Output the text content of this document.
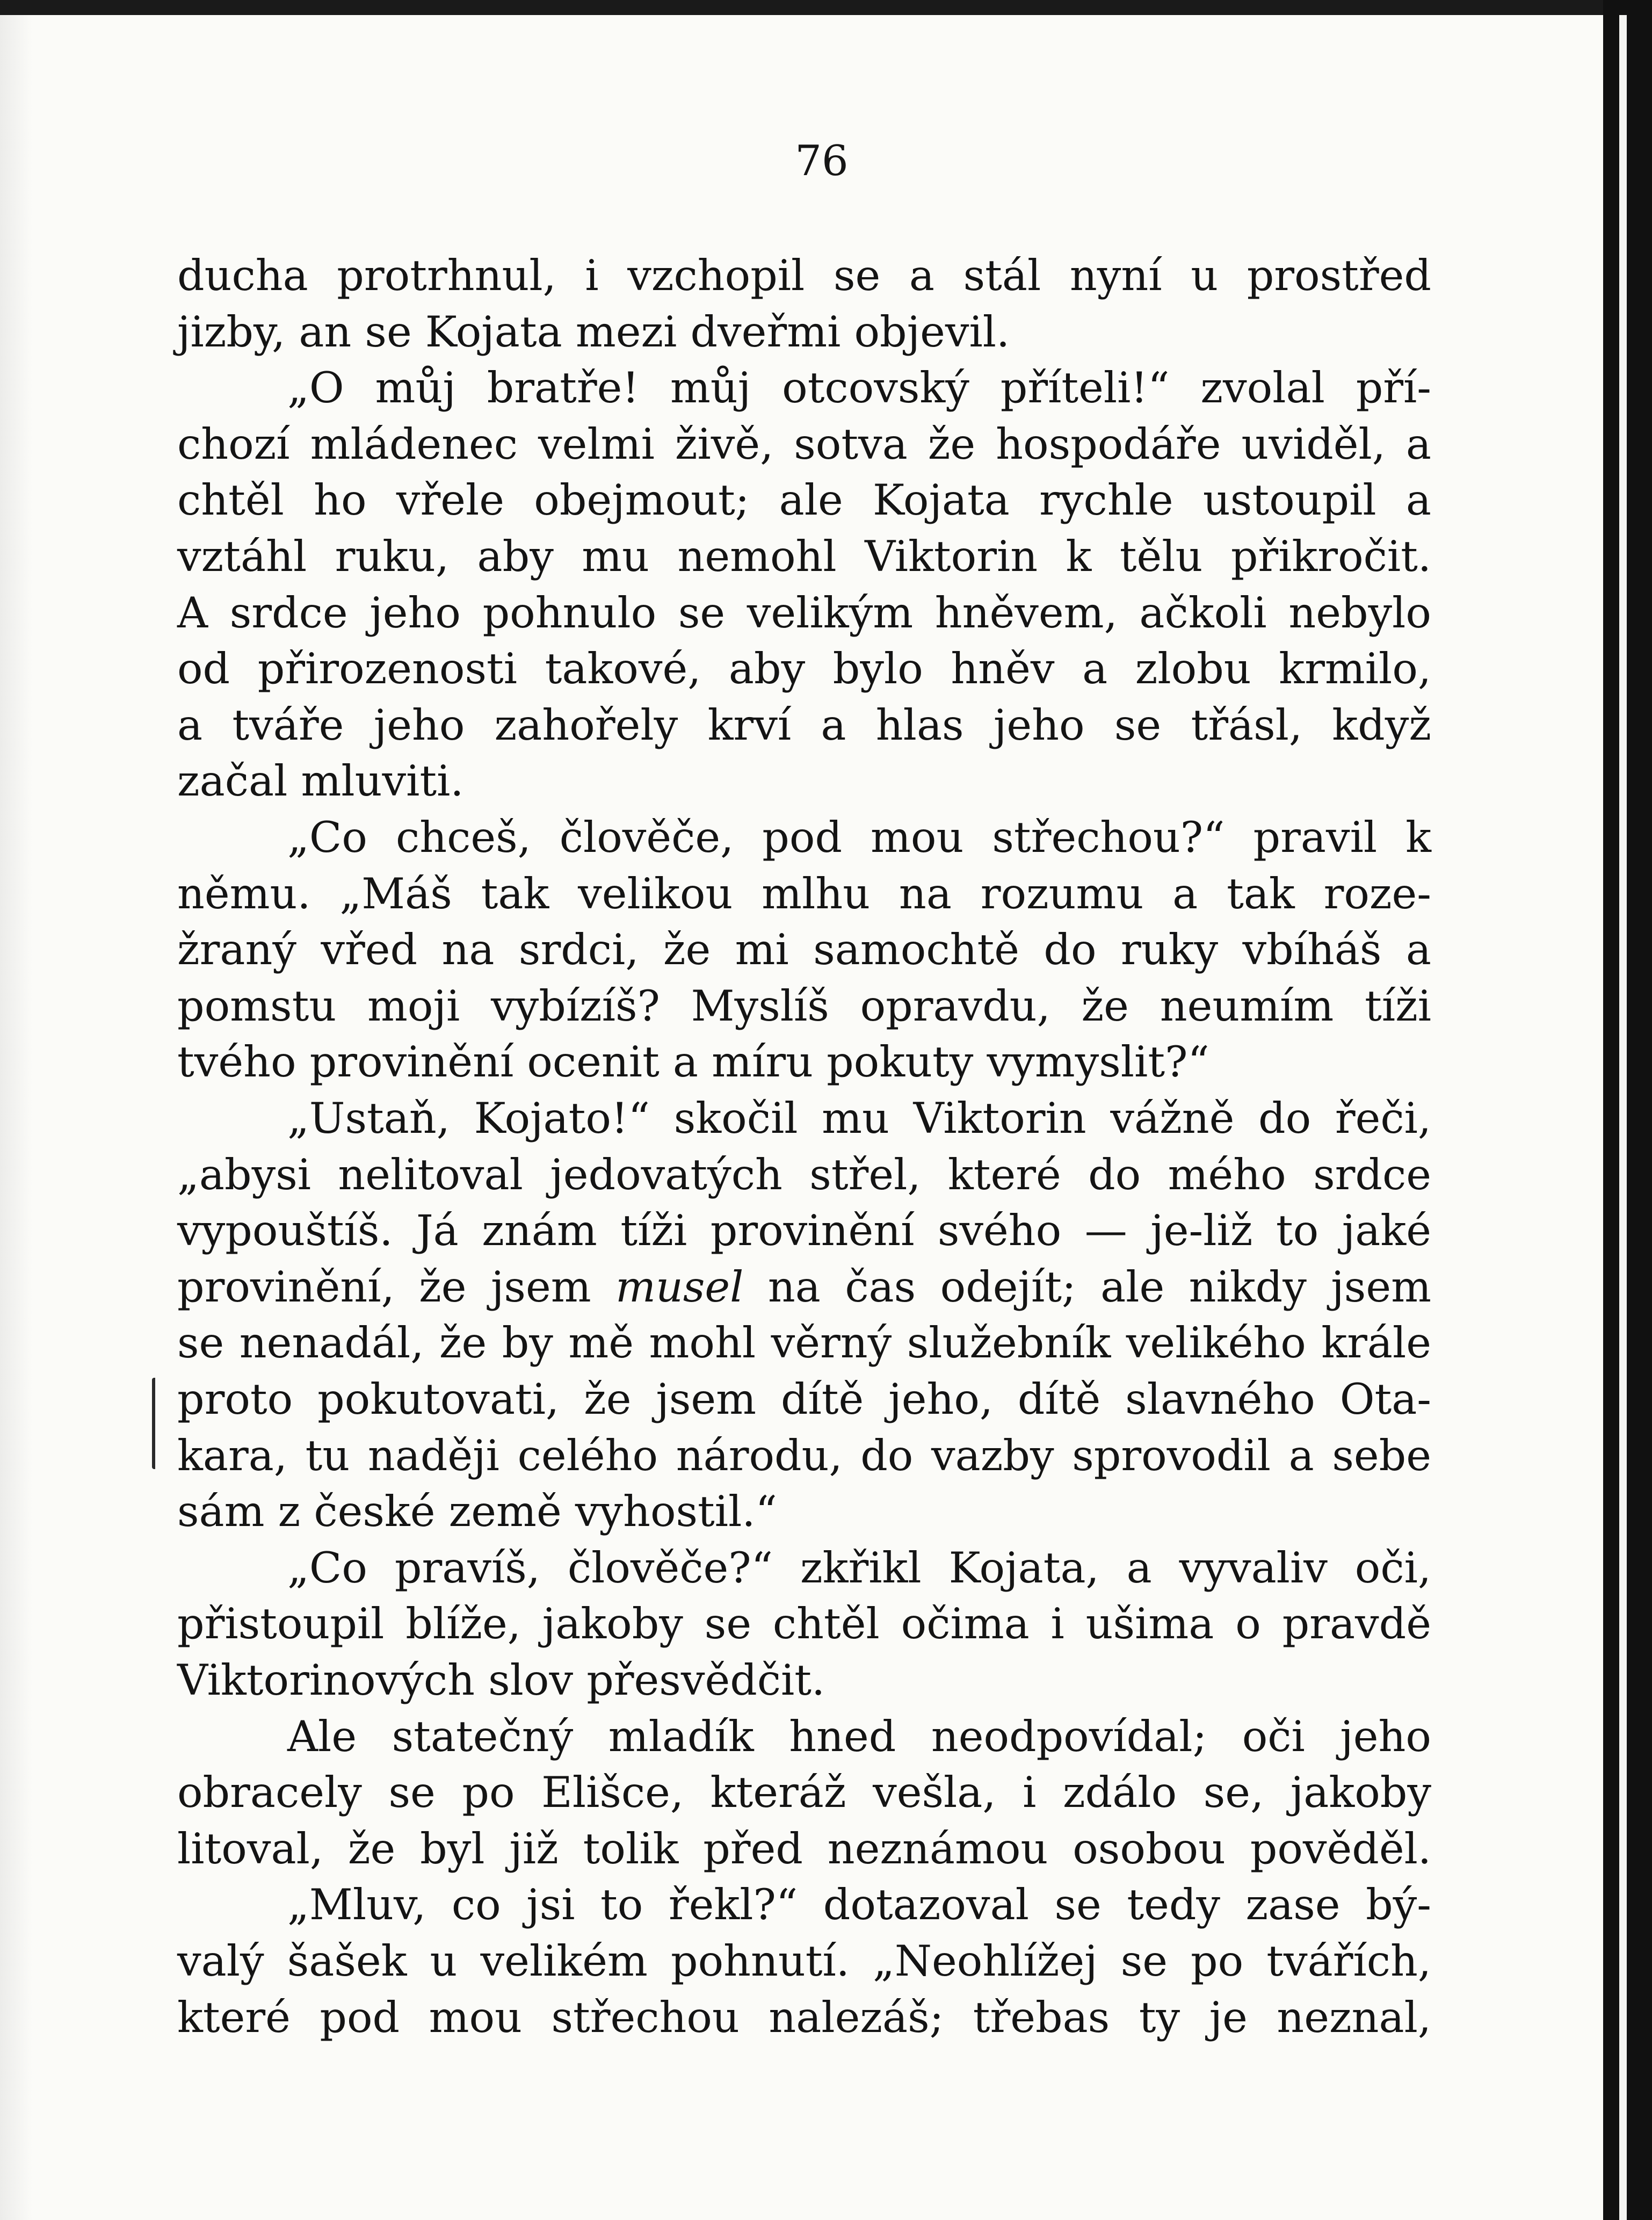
76
ducha protrhnul, i vzchopil se a stál nyní u prostřed
jizby, an se Kojata mezi dveřmi objevil.
„O můj bratře! můj otcovský příteli!“ zvolal pří-
chozí mládenec velmi živě, sotva že hospodáře uviděl, a
chtěl ho vřele obejmout; ale Kojata rychle ustoupil a
vztáhl ruku, aby mu nemohl Viktorin k tělu přikročit.
A srdce jeho pohnulo se velikým hněvem, ačkoli nebylo
od přirozenosti takové, aby bylo hněv a zlobu krmilo,
a tváře jeho zahořely krví a hlas jeho se třásl, když
začal mluviti.
„Co chceš, člověče, pod mou střechou?“ pravil k
němu. „Máš tak velikou mlhu na rozumu a tak roze-
žraný vřed na srdci, že mi samochtě do ruky vbíháš a
pomstu moji vybízíš? Myslíš opravdu, že neumím tíži
tvého provinění ocenit a míru pokuty vymyslit?“
„Ustaň, Kojato!“ skočil mu Viktorin vážně do řeči,
„abysi nelitoval jedovatých střel, které do mého srdce
vypouštíš. Já znám tíži provinění svého — je-liž to jaké
provinění, že jsem musel na čas odejít; ale nikdy jsem
se nenadál, že by mě mohl věrný služebník velikého krále
proto pokutovati, že jsem dítě jeho, dítě slavného Ota-
kara, tu naději celého národu, do vazby sprovodil a sebe
sám z české země vyhostil.“
„Co pravíš, člověče?“ zkřikl Kojata, a vyvaliv oči,
přistoupil blíže, jakoby se chtěl očima i ušima o pravdě
Viktorinových slov přesvědčit.
Ale statečný mladík hned neodpovídal; oči jeho
obracely se po Elišce, kteráž vešla, i zdálo se, jakoby
litoval, že byl již tolik před neznámou osobou pověděl.
„Mluv, co jsi to řekl?“ dotazoval se tedy zase bý-
valý šašek u velikém pohnutí. „Neohlížej se po tvářích,
které pod mou střechou nalezáš; třebas ty je neznal,
